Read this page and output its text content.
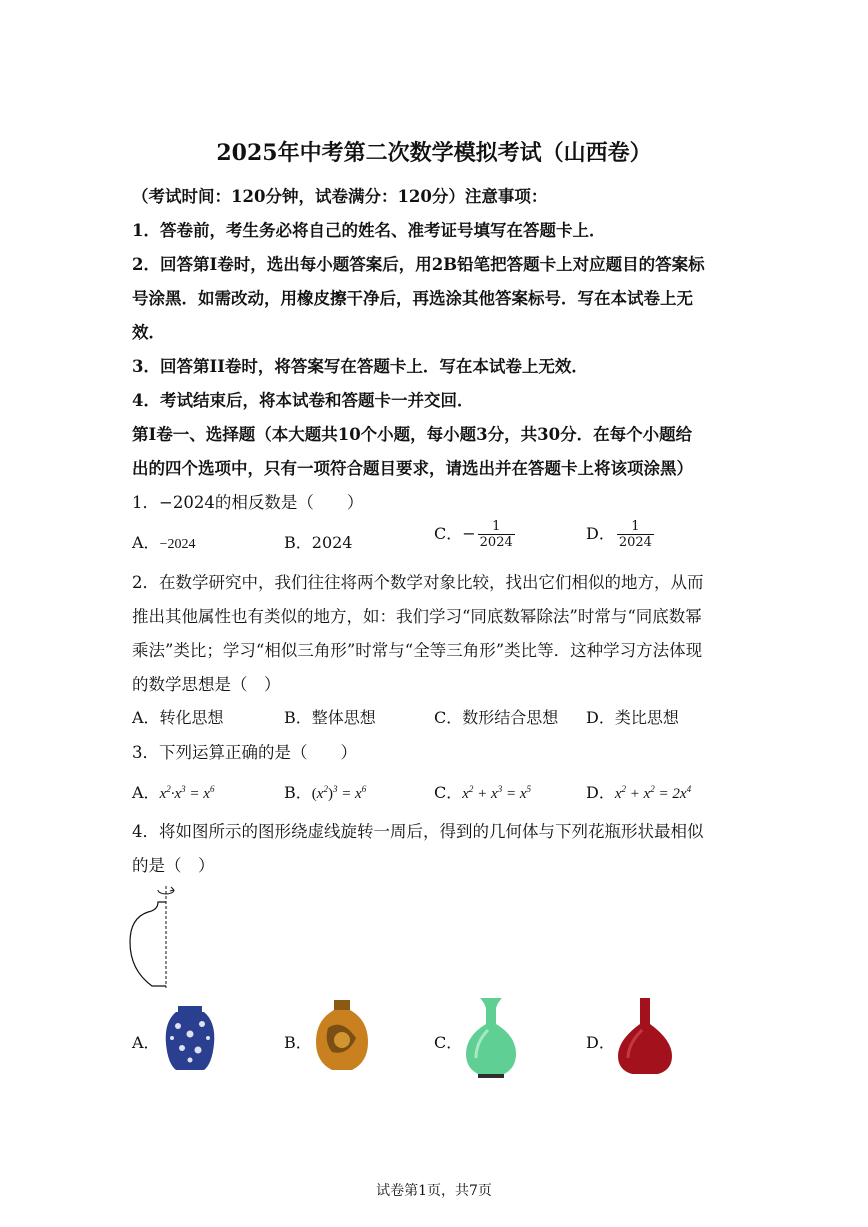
2025年中考第二次数学模拟考试（山西卷）
（考试时间：120分钟，试卷满分：120分）注意事项：
1．答卷前，考生务必将自己的姓名、准考证号填写在答题卡上．
2．回答第I卷时，选出每小题答案后，用2B铅笔把答题卡上对应题目的答案标
号涂黑．如需改动，用橡皮擦干净后，再选涂其他答案标号．写在本试卷上无
效．
3．回答第II卷时，将答案写在答题卡上．写在本试卷上无效．
4．考试结束后，将本试卷和答题卡一并交回．
第I卷一、选择题（本大题共10个小题，每小题3分，共30分．在每个小题给
出的四个选项中，只有一项符合题目要求，请选出并在答题卡上将该项涂黑）
1．−2024的相反数是（　　）
A．−2024	B．2024	C．− $\frac{1}{2024}$	D． $\frac{1}{2024}$
2．在数学研究中，我们往往将两个数学对象比较，找出它们相似的地方，从而
推出其他属性也有类似的地方，如：我们学习“同底数幂除法”时常与“同底数幂
乘法”类比；学习“相似三角形”时常与“全等三角形”类比等．这种学习方法体现
的数学思想是（　）
A．转化思想	B．整体思想	C．数形结合思想 D．类比思想
3．下列运算正确的是（　　）
A．$x^2\cdot x^3 = x^6$	B．$(x^2)^3 = x^6$	C．$x^2 + x^3 = x^5$	D．$x^2 + x^2 = 2x^4$
4．将如图所示的图形绕虚线旋转一周后，得到的几何体与下列花瓶形状最相似
的是（　）
A．	B．	C．	D．
试卷第1页，共7页
